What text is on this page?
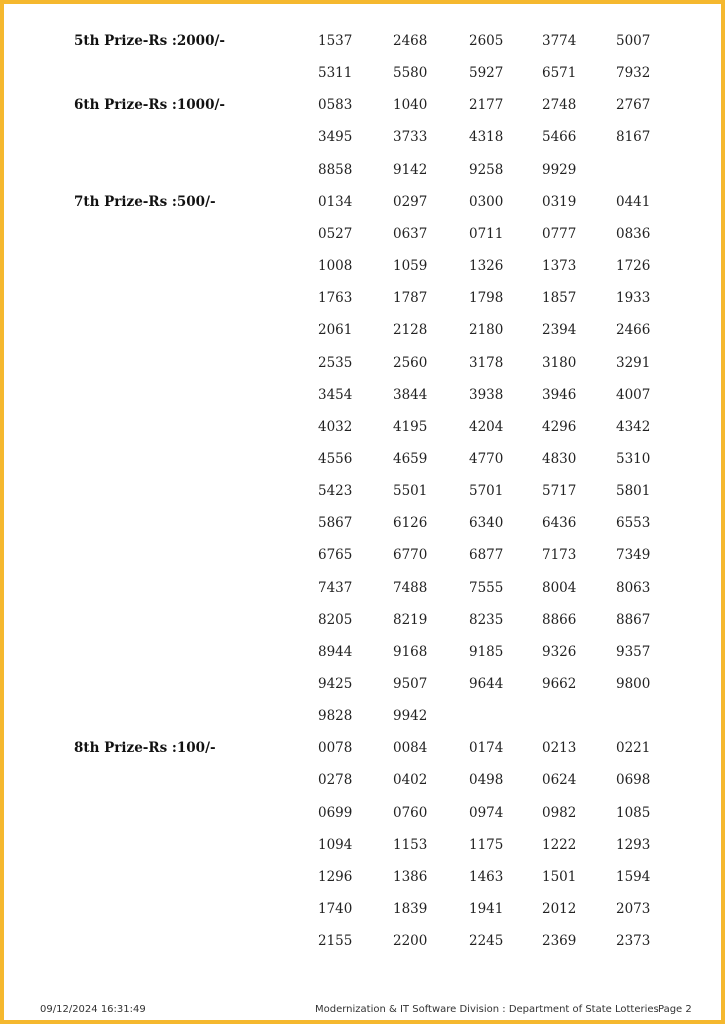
09/12/2024 16:31:49	Modernization & IT Software Division : Department of State Lotteries Page 2
5th Prize-Rs :2000/-	1537	2468	2605	3774	5007
5311	5580	5927	6571	7932
6th Prize-Rs :1000/-	0583	1040	2177	2748	2767
3495	3733	4318	5466	8167
8858	9142	9258	9929
7th Prize-Rs :500/-	0134	0297	0300	0319	0441
0527	0637	0711	0777	0836
1008	1059	1326	1373	1726
1763	1787	1798	1857	1933
2061	2128	2180	2394	2466
2535	2560	3178	3180	3291
3454	3844	3938	3946	4007
4032	4195	4204	4296	4342
4556	4659	4770	4830	5310
5423	5501	5701	5717	5801
5867	6126	6340	6436	6553
6765	6770	6877	7173	7349
7437	7488	7555	8004	8063
8205	8219	8235	8866	8867
8944	9168	9185	9326	9357
9425	9507	9644	9662	9800
9828	9942
8th Prize-Rs :100/-	0078	0084	0174	0213	0221
0278	0402	0498	0624	0698
0699	0760	0974	0982	1085
1094	1153	1175	1222	1293
1296	1386	1463	1501	1594
1740	1839	1941	2012	2073
2155	2200	2245	2369	2373
